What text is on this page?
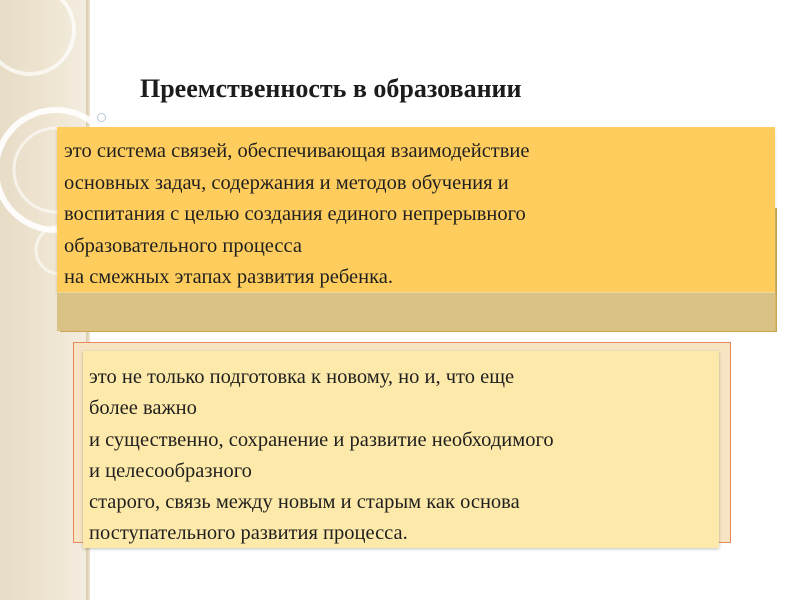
Преемственность в образовании
это система связей, обеспечивающая взаимодействие
основных задач, содержания и методов обучения и
воспитания с целью создания единого непрерывного
образовательного процесса
на смежных этапах развития ребенка.
это не только подготовка к новому, но и, что еще
более важно
и существенно, сохранение и развитие необходимого
и целесообразного
старого, связь между новым и старым как основа
поступательного развития процесса.
